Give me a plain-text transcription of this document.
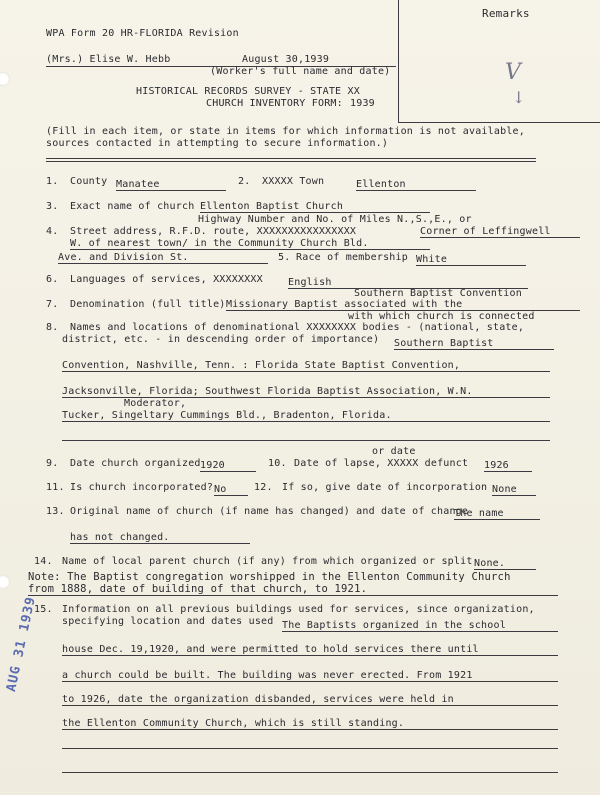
Remarks
V
↓
WPA Form 20 HR-FLORIDA Revision
(Mrs.) Elise W. Hebb	August 30,1939
(Worker's full name and date)
HISTORICAL RECORDS SURVEY - STATE XX
CHURCH INVENTORY FORM: 1939
(Fill in each item, or state in items for which information is not available,
sources contacted in attempting to secure information.)
1. County Manatee	2. XXXXX Town	Ellenton
3. Exact name of church Ellenton Baptist Church
Highway Number and No. of Miles N.,S.,E., or
4. Street address, R.F.D. route, XXXXXXXXXXXXXXXX	Corner of Leffingwell
W. of nearest town/ in the Community Church Bld.
Ave. and Division St.	5. Race of membership White
6. Languages of services, XXXXXXXX	English
Southern Baptist Convention
7. Denomination (full title) Missionary Baptist associated with the
with which church is connected
8. Names and locations of denominational XXXXXXXX bodies - (national, state,
district, etc. - in descending order of importance) Southern Baptist
Convention, Nashville, Tenn. : Florida State Baptist Convention,
Jacksonville, Florida; Southwest Florida Baptist Association, W.N.
Moderator,
Tucker, Singeltary Cummings Bld., Bradenton, Florida.
or date
9. Date church organized 1920	10. Date of lapse, XXXXX defunct 1926
11. Is church incorporated? No	12. If so, give date of incorporation None
13. Original name of church (if name has changed) and date of change
The name
has not changed.
14. Name of local parent church (if any) from which organized or split None.
Note: The Baptist congregation worshipped in the Ellenton Community Church
from 1888, date of building of that church, to 1921.
15. Information on all previous buildings used for services, since organization,
specifying location and dates used The Baptists organized in the school
house Dec. 19,1920, and were permitted to hold services there until
a church could be built. The building was never erected. From 1921
to 1926, date the organization disbanded, services were held in
the Ellenton Community Church, which is still standing.
AUG 31 1939
